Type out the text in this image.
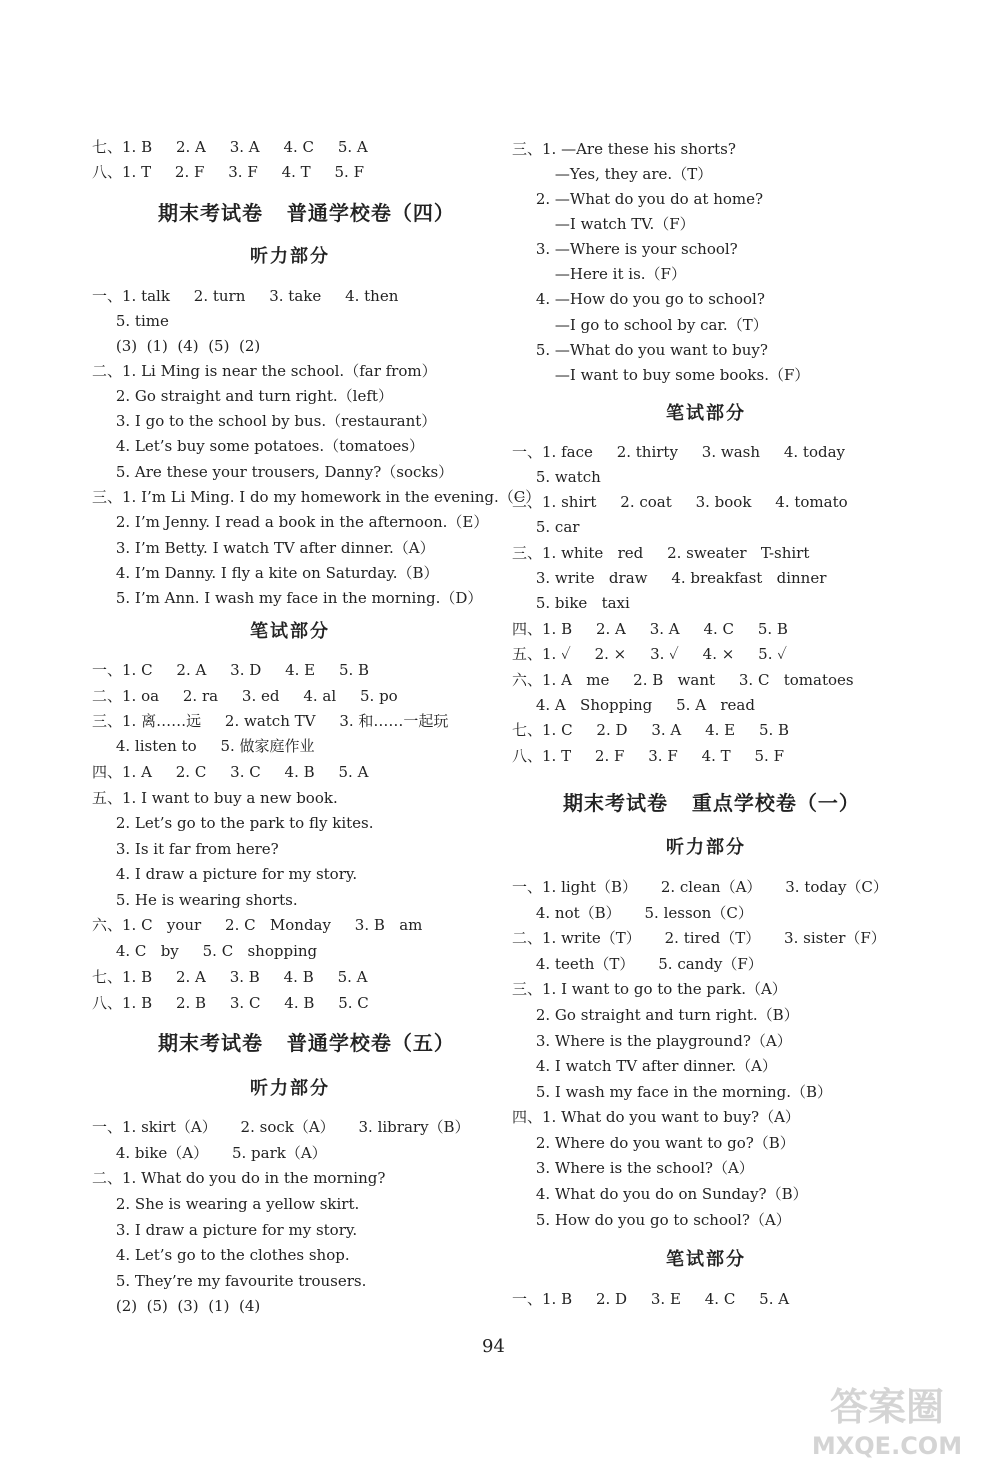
七、1. B     2. A     3. A     4. C     5. A
八、1. T     2. F     3. F     4. T     5. F
期末考试卷   普通学校卷（四）
听力部分
一、1. talk     2. turn     3. take     4. then
5. time
(3)  (1)  (4)  (5)  (2)
二、1. Li Ming is near the school.（far from）
2. Go straight and turn right.（left）
3. I go to the school by bus.（restaurant）
4. Let’s buy some potatoes.（tomatoes）
5. Are these your trousers, Danny?（socks）
三、1. I’m Li Ming. I do my homework in the evening.（C）
2. I’m Jenny. I read a book in the afternoon.（E）
3. I’m Betty. I watch TV after dinner.（A）
4. I’m Danny. I fly a kite on Saturday.（B）
5. I’m Ann. I wash my face in the morning.（D）
笔试部分
一、1. C     2. A     3. D     4. E     5. B
二、1. oa     2. ra     3. ed     4. al     5. po
三、1. 离……远     2. watch TV     3. 和……一起玩
4. listen to     5. 做家庭作业
四、1. A     2. C     3. C     4. B     5. A
五、1. I want to buy a new book.
2. Let’s go to the park to fly kites.
3. Is it far from here?
4. I draw a picture for my story.
5. He is wearing shorts.
六、1. C   your     2. C   Monday     3. B   am
4. C   by     5. C   shopping
七、1. B     2. A     3. B     4. B     5. A
八、1. B     2. B     3. C     4. B     5. C
期末考试卷   普通学校卷（五）
听力部分
一、1. skirt（A）     2. sock（A）     3. library（B）
4. bike（A）     5. park（A）
二、1. What do you do in the morning?
2. She is wearing a yellow skirt.
3. I draw a picture for my story.
4. Let’s go to the clothes shop.
5. They’re my favourite trousers.
(2)  (5)  (3)  (1)  (4)
三、1. —Are these his shorts?
—Yes, they are.（T）
2. —What do you do at home?
—I watch TV.（F）
3. —Where is your school?
—Here it is.（F）
4. —How do you go to school?
—I go to school by car.（T）
5. —What do you want to buy?
—I want to buy some books.（F）
笔试部分
一、1. face     2. thirty     3. wash     4. today
5. watch
二、1. shirt     2. coat     3. book     4. tomato
5. car
三、1. white   red     2. sweater   T-shirt
3. write   draw     4. breakfast   dinner
5. bike   taxi
四、1. B     2. A     3. A     4. C     5. B
五、1. ✓     2. ×     3. ✓     4. ×     5. ✓
六、1. A   me     2. B   want     3. C   tomatoes
4. A   Shopping     5. A   read
七、1. C     2. D     3. A     4. E     5. B
八、1. T     2. F     3. F     4. T     5. F
期末考试卷   重点学校卷（一）
听力部分
一、1. light（B）     2. clean（A）     3. today（C）
4. not（B）     5. lesson（C）
二、1. write（T）     2. tired（T）     3. sister（F）
4. teeth（T）     5. candy（F）
三、1. I want to go to the park.（A）
2. Go straight and turn right.（B）
3. Where is the playground?（A）
4. I watch TV after dinner.（A）
5. I wash my face in the morning.（B）
四、1. What do you want to buy?（A）
2. Where do you want to go?（B）
3. Where is the school?（A）
4. What do you do on Sunday?（B）
5. How do you go to school?（A）
笔试部分
一、1. B     2. D     3. E     4. C     5. A
94
答案圈
MXQE.COM
